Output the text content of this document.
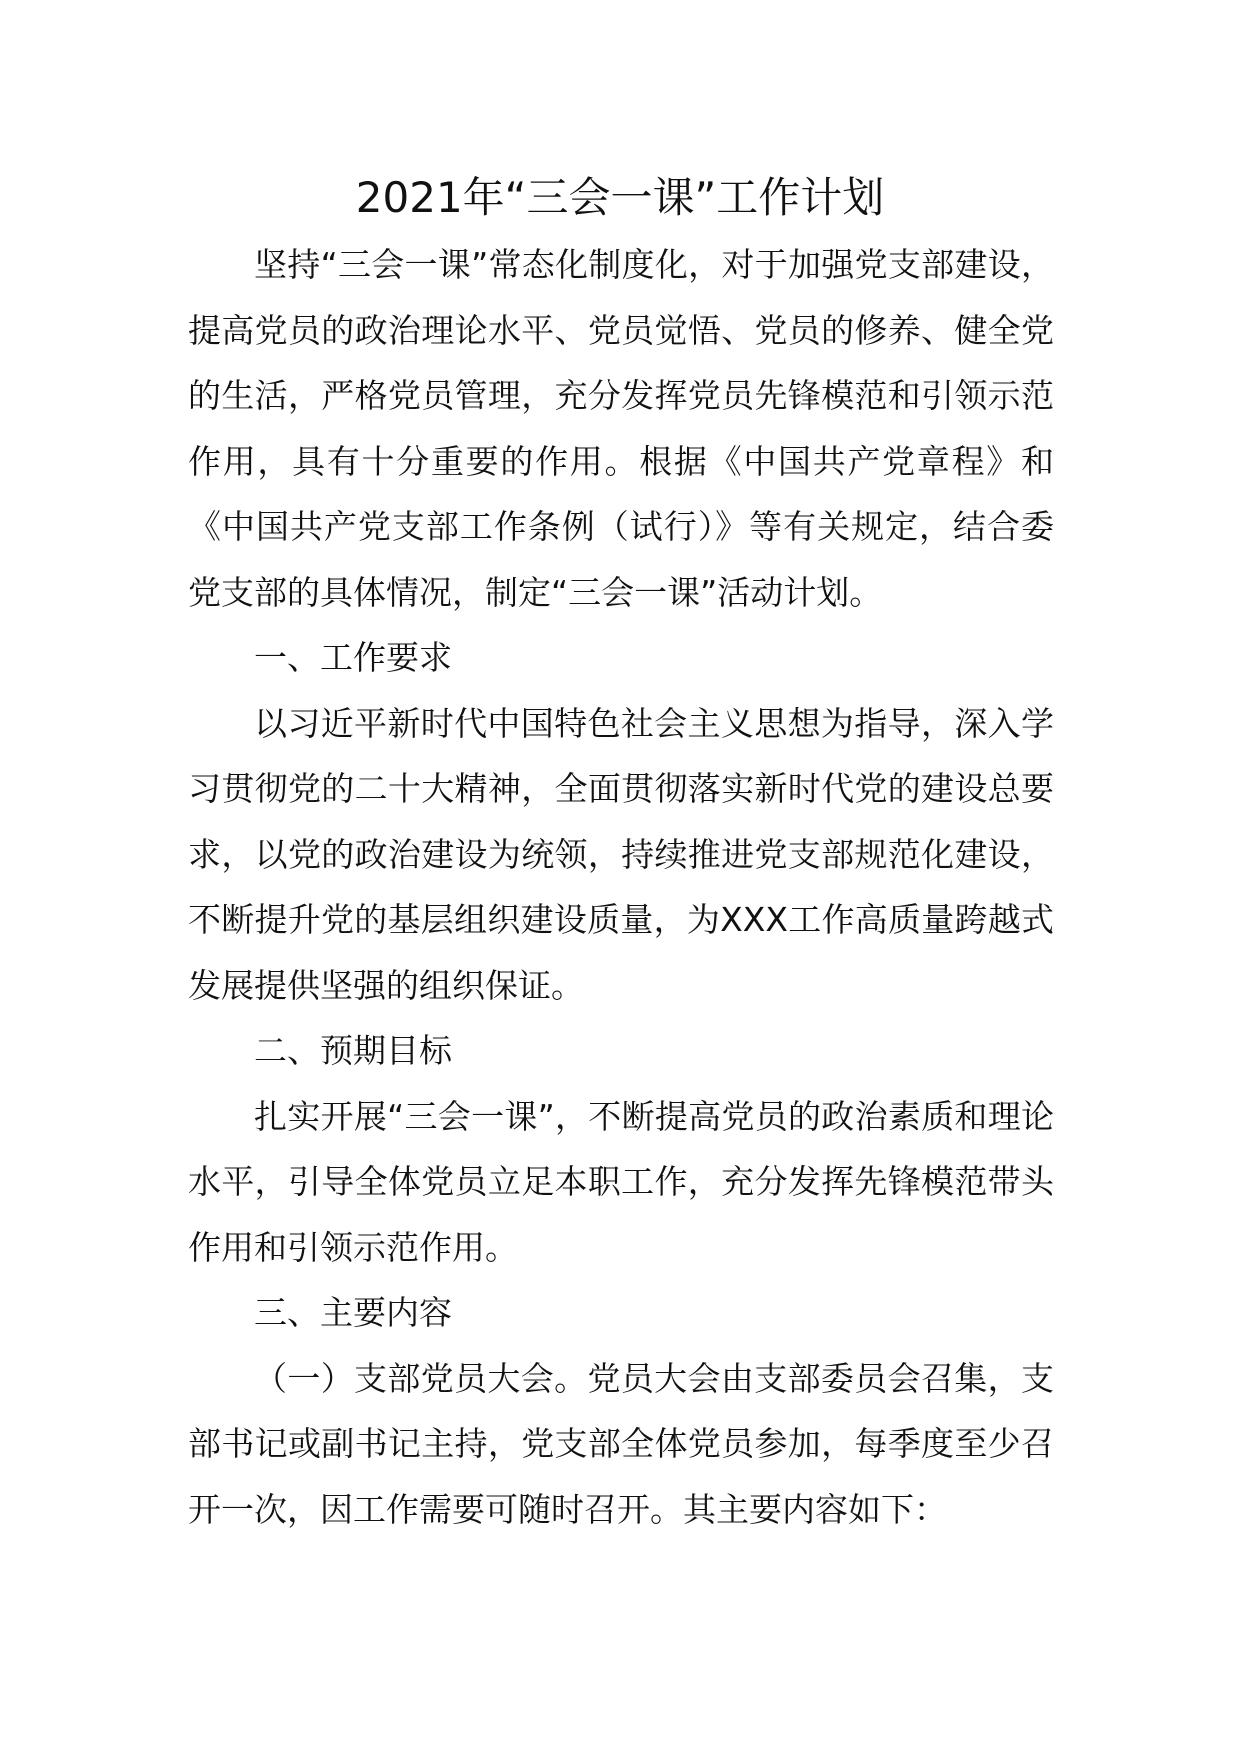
2021年“三会一课”工作计划

坚持“三会一课”常态化制度化，对于加强党支部建设，提高党员的政治理论水平、党员觉悟、党员的修养、健全党的生活，严格党员管理，充分发挥党员先锋模范和引领示范作用，具有十分重要的作用。根据《中国共产党章程》和《中国共产党支部工作条例（试行）》等有关规定，结合委党支部的具体情况，制定“三会一课”活动计划。

一、工作要求

以习近平新时代中国特色社会主义思想为指导，深入学习贯彻党的二十大精神，全面贯彻落实新时代党的建设总要求，以党的政治建设为统领，持续推进党支部规范化建设，不断提升党的基层组织建设质量，为XXX工作高质量跨越式发展提供坚强的组织保证。

二、预期目标

扎实开展“三会一课”，不断提高党员的政治素质和理论水平，引导全体党员立足本职工作，充分发挥先锋模范带头作用和引领示范作用。

三、主要内容

（一）支部党员大会。党员大会由支部委员会召集，支部书记或副书记主持，党支部全体党员参加，每季度至少召开一次，因工作需要可随时召开。其主要内容如下：
